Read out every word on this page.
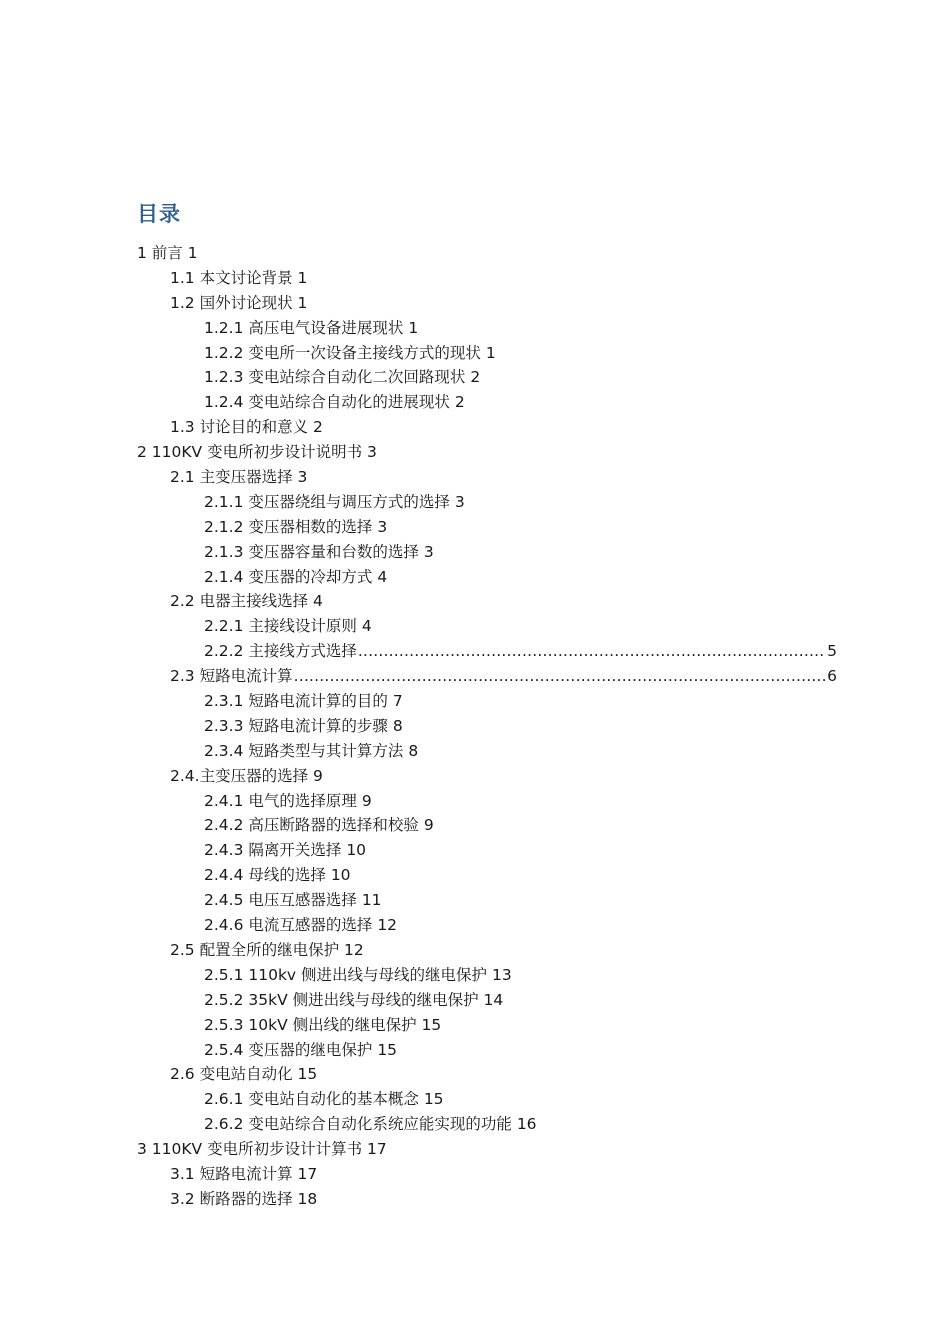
目录
1 前言 1
1.1 本文讨论背景 1
1.2 国外讨论现状 1
1.2.1 高压电气设备进展现状 1
1.2.2 变电所一次设备主接线方式的现状 1
1.2.3 变电站综合自动化二次回路现状 2
1.2.4 变电站综合自动化的进展现状 2
1.3 讨论目的和意义 2
2 110KV 变电所初步设计说明书 3
2.1 主变压器选择 3
2.1.1 变压器绕组与调压方式的选择 3
2.1.2 变压器相数的选择 3
2.1.3 变压器容量和台数的选择 3
2.1.4 变压器的冷却方式 4
2.2 电器主接线选择 4
2.2.1 主接线设计原则 4
2.2.2 主接线方式选择 .....	5
2.3 短路电流计算 .....	6
2.3.1 短路电流计算的目的 7
2.3.3 短路电流计算的步骤 8
2.3.4 短路类型与其计算方法 8
2.4.主变压器的选择 9
2.4.1 电气的选择原理 9
2.4.2 高压断路器的选择和校验 9
2.4.3 隔离开关选择 10
2.4.4 母线的选择 10
2.4.5 电压互感器选择 11
2.4.6 电流互感器的选择 12
2.5 配置全所的继电保护 12
2.5.1 110kv 侧进出线与母线的继电保护 13
2.5.2 35kV 侧进出线与母线的继电保护 14
2.5.3 10kV 侧出线的继电保护 15
2.5.4 变压器的继电保护 15
2.6 变电站自动化 15
2.6.1 变电站自动化的基本概念 15
2.6.2 变电站综合自动化系统应能实现的功能 16
3 110KV 变电所初步设计计算书 17
3.1 短路电流计算 17
3.2 断路器的选择 18
